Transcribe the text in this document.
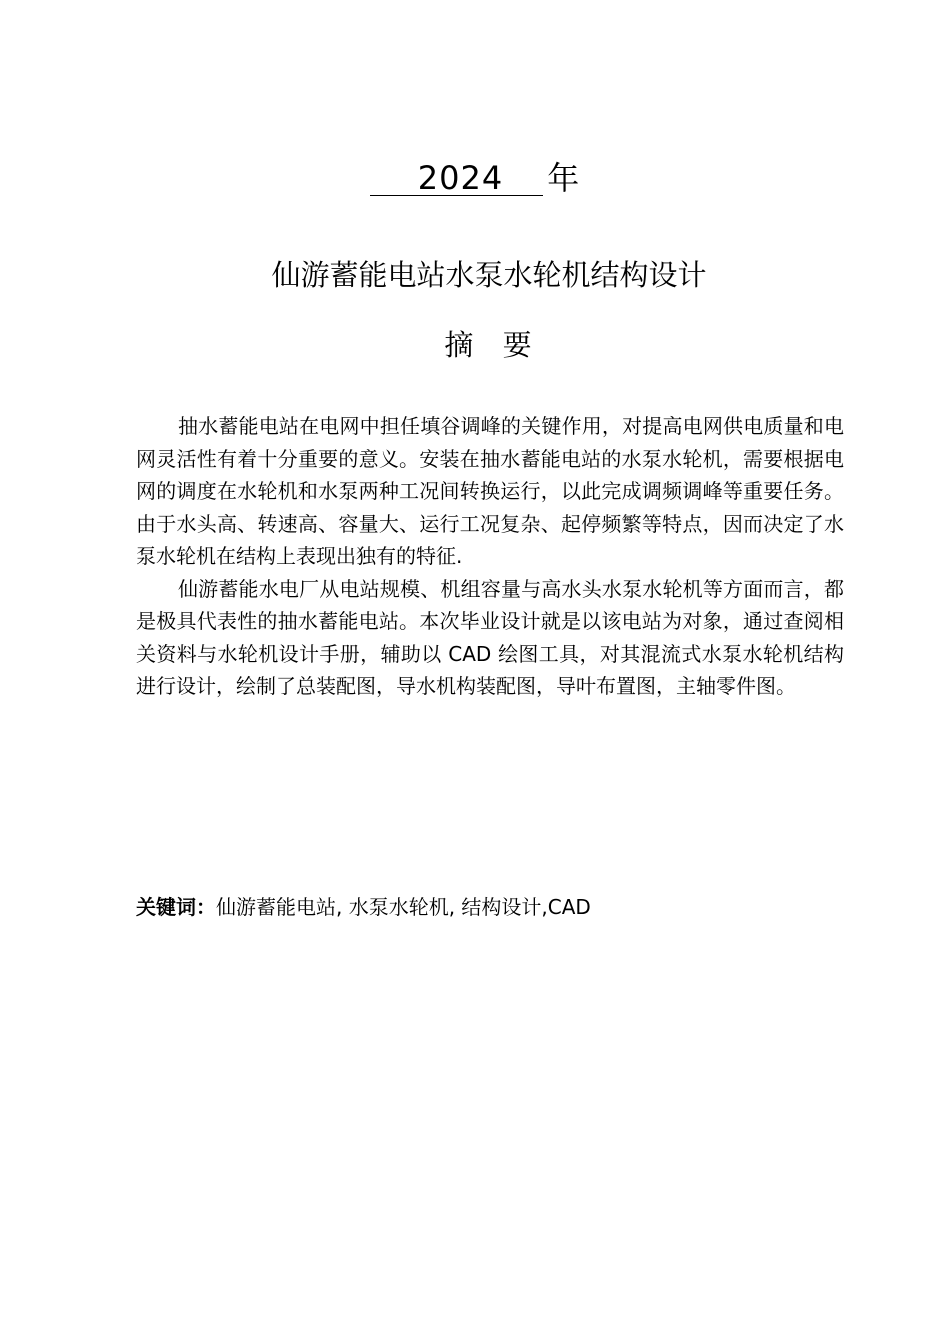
2024 年
仙游蓄能电站水泵水轮机结构设计
摘 要

抽水蓄能电站在电网中担任填谷调峰的关键作用，对提高电网供电质量和电网灵活性有着十分重要的意义。安装在抽水蓄能电站的水泵水轮机，需要根据电网的调度在水轮机和水泵两种工况间转换运行，以此完成调频调峰等重要任务。由于水头高、转速高、容量大、运行工况复杂、起停频繁等特点，因而决定了水泵水轮机在结构上表现出独有的特征.

仙游蓄能水电厂从电站规模、机组容量与高水头水泵水轮机等方面而言，都是极具代表性的抽水蓄能电站。本次毕业设计就是以该电站为对象，通过查阅相关资料与水轮机设计手册，辅助以 CAD 绘图工具，对其混流式水泵水轮机结构进行设计，绘制了总装配图，导水机构装配图，导叶布置图，主轴零件图。

关键词：仙游蓄能电站, 水泵水轮机, 结构设计,CAD
